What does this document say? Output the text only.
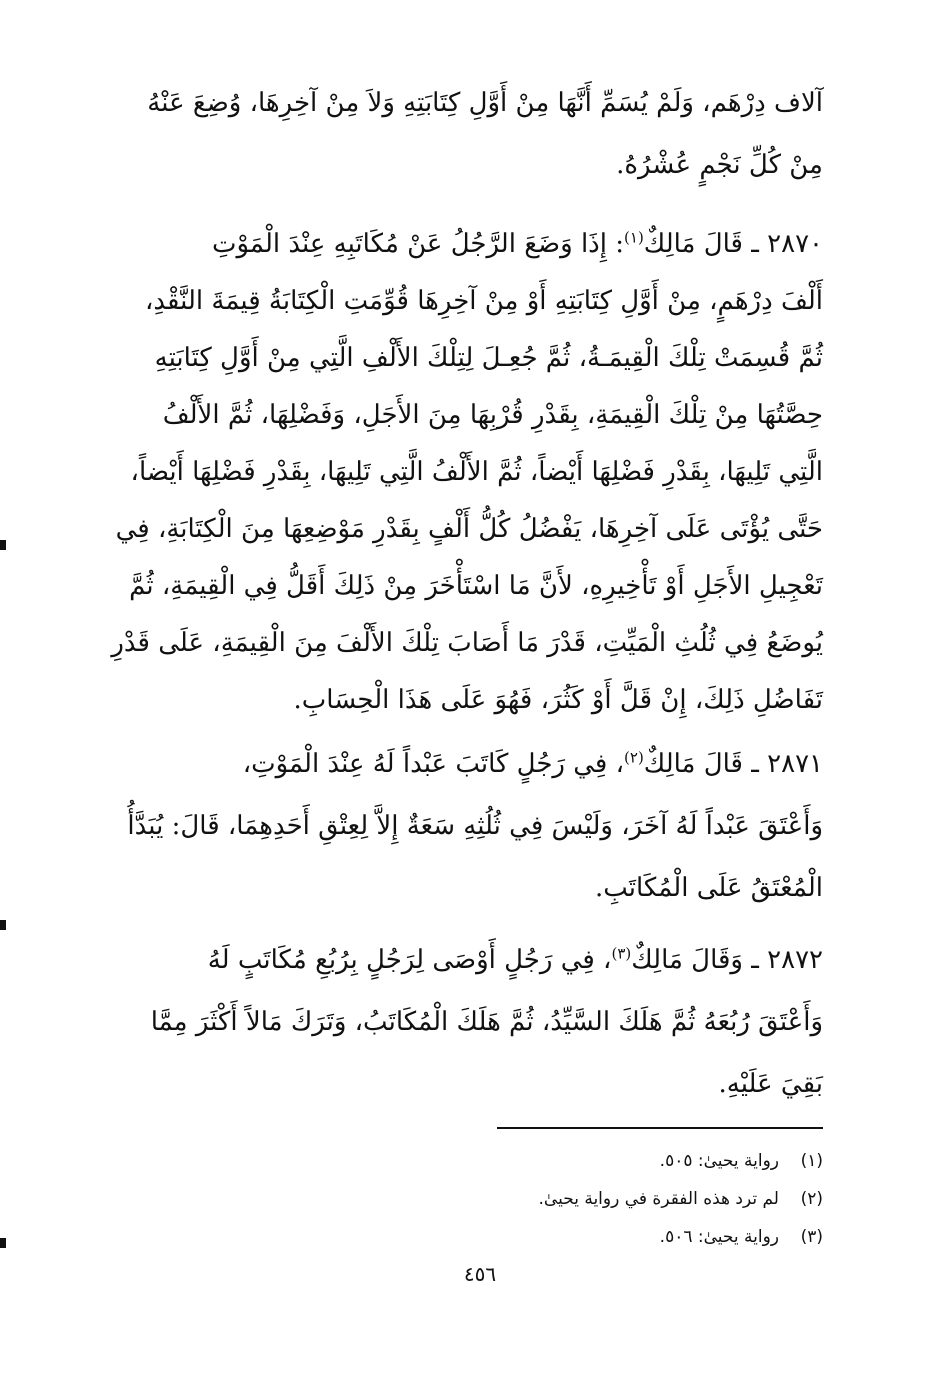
آلاف دِرْهَم، وَلَمْ يُسَمِّ أَنَّهَا مِنْ أَوَّلِ كِتَابَتِهِ وَلاَ مِنْ آخِرِهَا، وُضِعَ عَنْهُ
مِنْ كُلِّ نَجْمٍ عُشْرُهُ.
٢٨٧٠ ـ قَالَ مَالِكٌ$^{(١)}$: إِذَا وَضَعَ الرَّجُلُ عَنْ مُكَاتَبِهِ عِنْدَ الْمَوْتِ
أَلْفَ دِرْهَمٍ، مِنْ أَوَّلِ كِتَابَتِهِ أَوْ مِنْ آخِرِهَا قُوِّمَتِ الْكِتَابَةُ قِيمَةَ النَّقْدِ،
ثُمَّ قُسِمَتْ تِلْكَ الْقِيمَـةُ، ثُمَّ جُعِـلَ لِتِلْكَ الأَلْفِ الَّتِي مِنْ أَوَّلِ كِتَابَتِهِ
حِصَّتُهَا مِنْ تِلْكَ الْقِيمَةِ، بِقَدْرِ قُرْبِهَا مِنَ الأَجَلِ، وَفَضْلِهَا، ثُمَّ الأَلْفُ
الَّتِي تَلِيهَا، بِقَدْرِ فَضْلِهَا أَيْضاً، ثُمَّ الأَلْفُ الَّتِي تَلِيهَا، بِقَدْرِ فَضْلِهَا أَيْضاً،
حَتَّى يُؤْتَى عَلَى آخِرِهَا، يَفْضُلُ كُلُّ أَلْفٍ بِقَدْرِ مَوْضِعِهَا مِنَ الْكِتَابَةِ، فِي
تَعْجِيلِ الأَجَلِ أَوْ تَأْخِيرِهِ، لأَنَّ مَا اسْتَأْخَرَ مِنْ ذَلِكَ أَقَلُّ فِي الْقِيمَةِ، ثُمَّ
يُوضَعُ فِي ثُلُثِ الْمَيِّتِ، قَدْرَ مَا أَصَابَ تِلْكَ الأَلْفَ مِنَ الْقِيمَةِ، عَلَى قَدْرِ
تَفَاضُلِ ذَلِكَ، إِنْ قَلَّ أَوْ كَثُرَ، فَهُوَ عَلَى هَذَا الْحِسَابِ.
٢٨٧١ ـ قَالَ مَالِكٌ$^{(٢)}$، فِي رَجُلٍ كَاتَبَ عَبْداً لَهُ عِنْدَ الْمَوْتِ،
وَأَعْتَقَ عَبْداً لَهُ آخَرَ، وَلَيْسَ فِي ثُلُثِهِ سَعَةٌ إِلاَّ لِعِتْقِ أَحَدِهِمَا، قَالَ: يُبَدَّأُ
الْمُعْتَقُ عَلَى الْمُكَاتَبِ.
٢٨٧٢ ـ وَقَالَ مَالِكٌ$^{(٣)}$، فِي رَجُلٍ أَوْصَى لِرَجُلٍ بِرُبُعِ مُكَاتَبٍ لَهُ
وَأَعْتَقَ رُبُعَهُ ثُمَّ هَلَكَ السَّيِّدُ، ثُمَّ هَلَكَ الْمُكَاتَبُ، وَتَرَكَ مَالاً أَكْثَرَ مِمَّا
بَقِيَ عَلَيْهِ.
(١)رواية يحيىٰ: ٥٠٥.
(٢)لم ترد هذه الفقرة في رواية يحيىٰ.
(٣)رواية يحيىٰ: ٥٠٦.
٤٥٦
